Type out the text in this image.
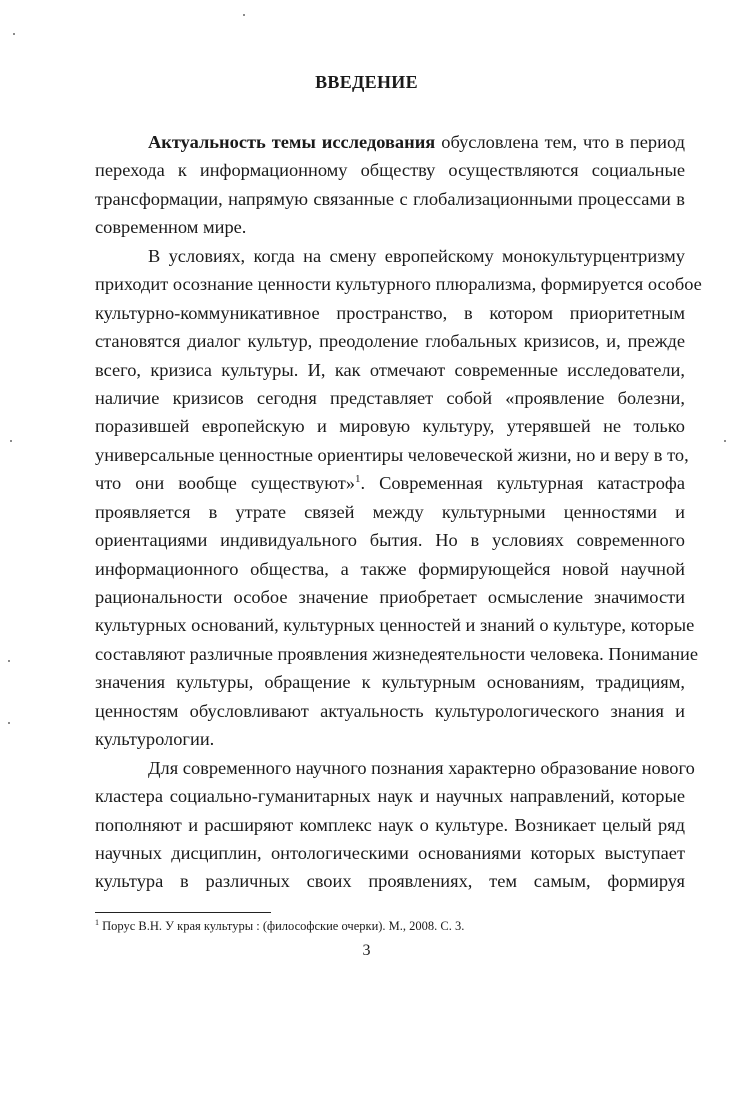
ВВЕДЕНИЕ
Актуальность темы исследования обусловлена тем, что в период
перехода к информационному обществу осуществляются социальные
трансформации, напрямую связанные с глобализационными процессами в
современном мире.
В условиях, когда на смену европейскому монокультурцентризму
приходит осознание ценности культурного плюрализма, формируется особое
культурно-коммуникативное пространство, в котором приоритетным
становятся диалог культур, преодоление глобальных кризисов, и, прежде
всего, кризиса культуры. И, как отмечают современные исследователи,
наличие кризисов сегодня представляет собой «проявление болезни,
поразившей европейскую и мировую культуру, утерявшей не только
универсальные ценностные ориентиры человеческой жизни, но и веру в то,
что они вообще существуют»$^1$. Современная культурная катастрофа
проявляется в утрате связей между культурными ценностями и
ориентациями индивидуального бытия. Но в условиях современного
информационного общества, а также формирующейся новой научной
рациональности особое значение приобретает осмысление значимости
культурных оснований, культурных ценностей и знаний о культуре, которые
составляют различные проявления жизнедеятельности человека. Понимание
значения культуры, обращение к культурным основаниям, традициям,
ценностям обусловливают актуальность культурологического знания и
культурологии.
Для современного научного познания характерно образование нового
кластера социально-гуманитарных наук и научных направлений, которые
пополняют и расширяют комплекс наук о культуре. Возникает целый ряд
научных дисциплин, онтологическими основаниями которых выступает
культура в различных своих проявлениях, тем самым, формируя
$^1$ Порус В.Н. У края культуры : (философские очерки). М., 2008. С. 3.
3
